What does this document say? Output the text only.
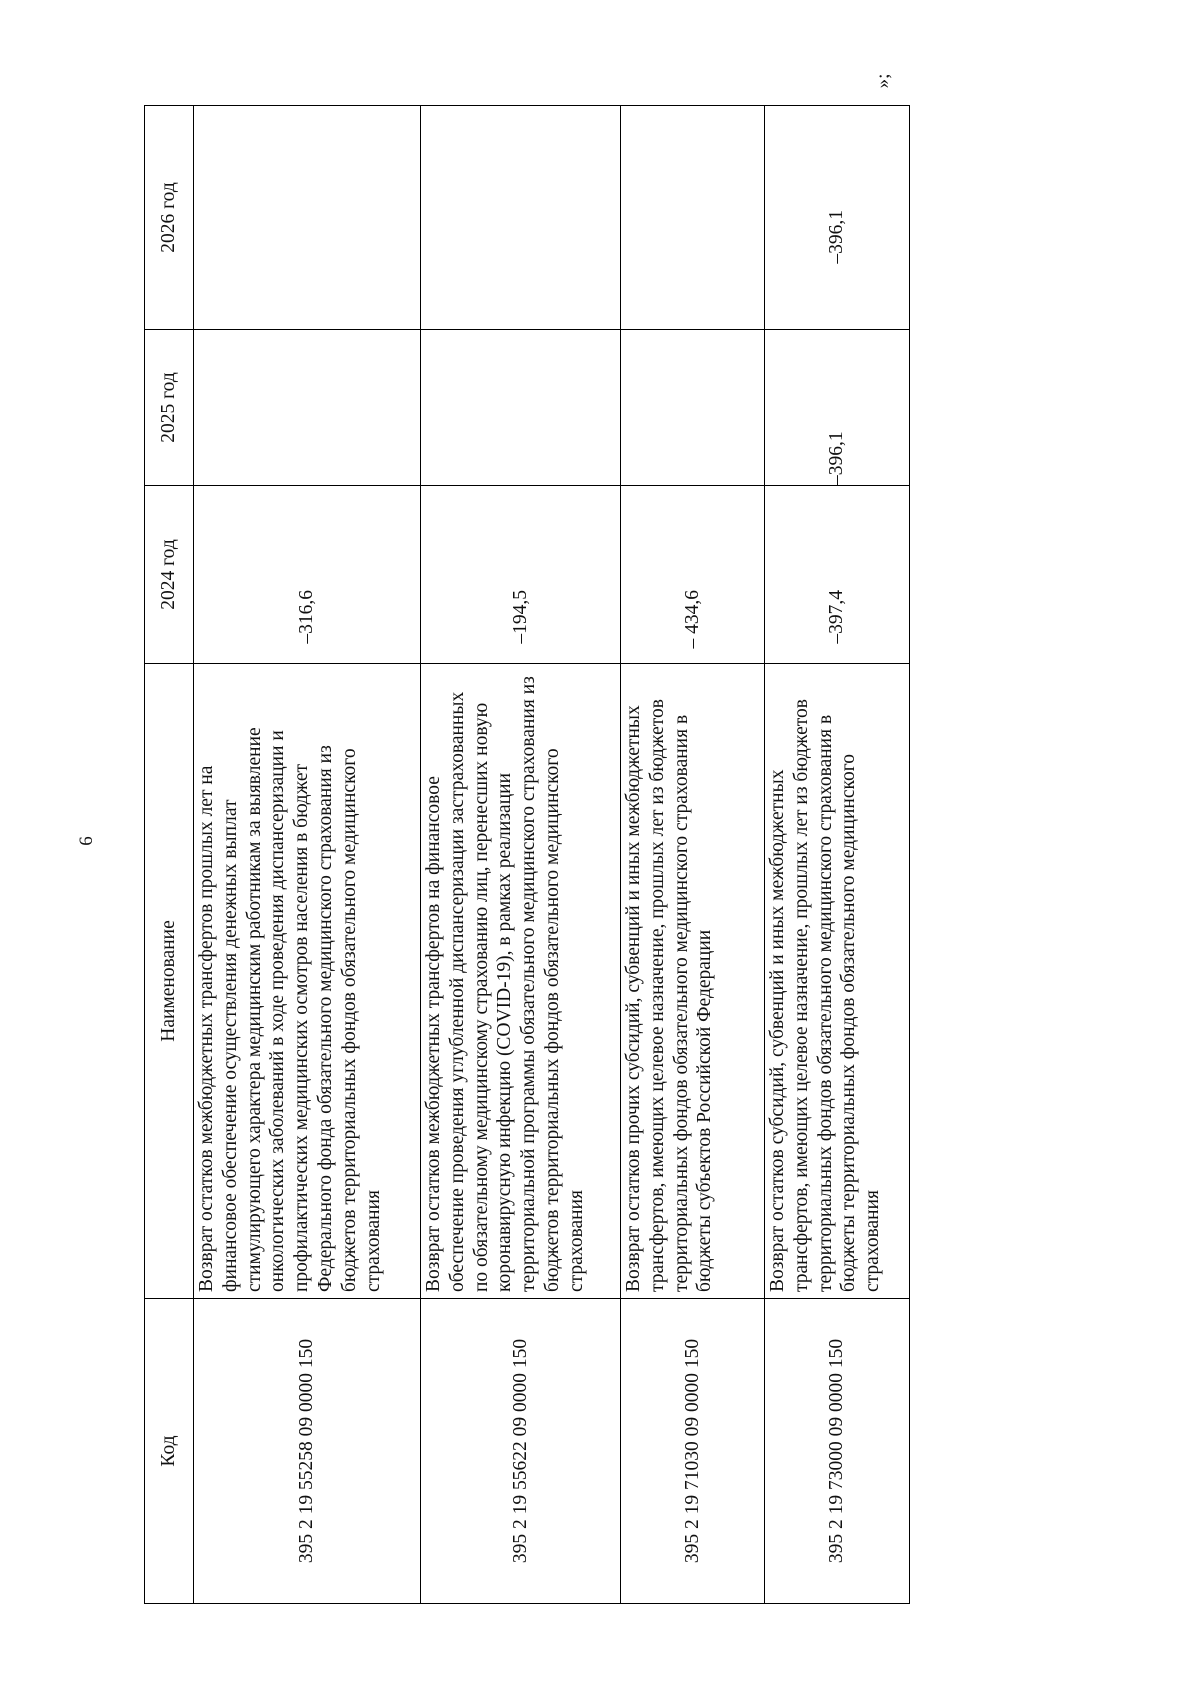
6
»;
Код	Наименование	2024 год	2025 год	2026 год
395 2 19 55258 09 0000 150	Возврат остатков межбюджетных трансфертов прошлых лет на финансовое обеспечение осуществления денежных выплат стимулирующего характера медицинским работникам за выявление онкологических заболеваний в ходе проведения диспансеризации и профилактических медицинских осмотров населения в бюджет Федерального фонда обязательного медицинского страхования из бюджетов территориальных фондов обязательного медицинского страхования	–316,6		
395 2 19 55622 09 0000 150	Возврат остатков межбюджетных трансфертов на финансовое обеспечение проведения углубленной диспансеризации застрахованных по обязательному медицинскому страхованию лиц, перенесших новую коронавирусную инфекцию (COVID-19), в рамках реализации территориальной программы обязательного медицинского страхования из бюджетов территориальных фондов обязательного медицинского страхования	–194,5		
395 2 19 71030 09 0000 150	Возврат остатков прочих субсидий, субвенций и иных межбюджетных трансфертов, имеющих целевое назначение, прошлых лет из бюджетов территориальных фондов обязательного медицинского страхования в бюджеты субъектов Российской Федерации	– 434,6		
395 2 19 73000 09 0000 150	Возврат остатков субсидий, субвенций и иных межбюджетных трансфертов, имеющих целевое назначение, прошлых лет из бюджетов территориальных фондов обязательного медицинского страхования в бюджеты территориальных фондов обязательного медицинского страхования	–397,4	–396,1	–396,1
